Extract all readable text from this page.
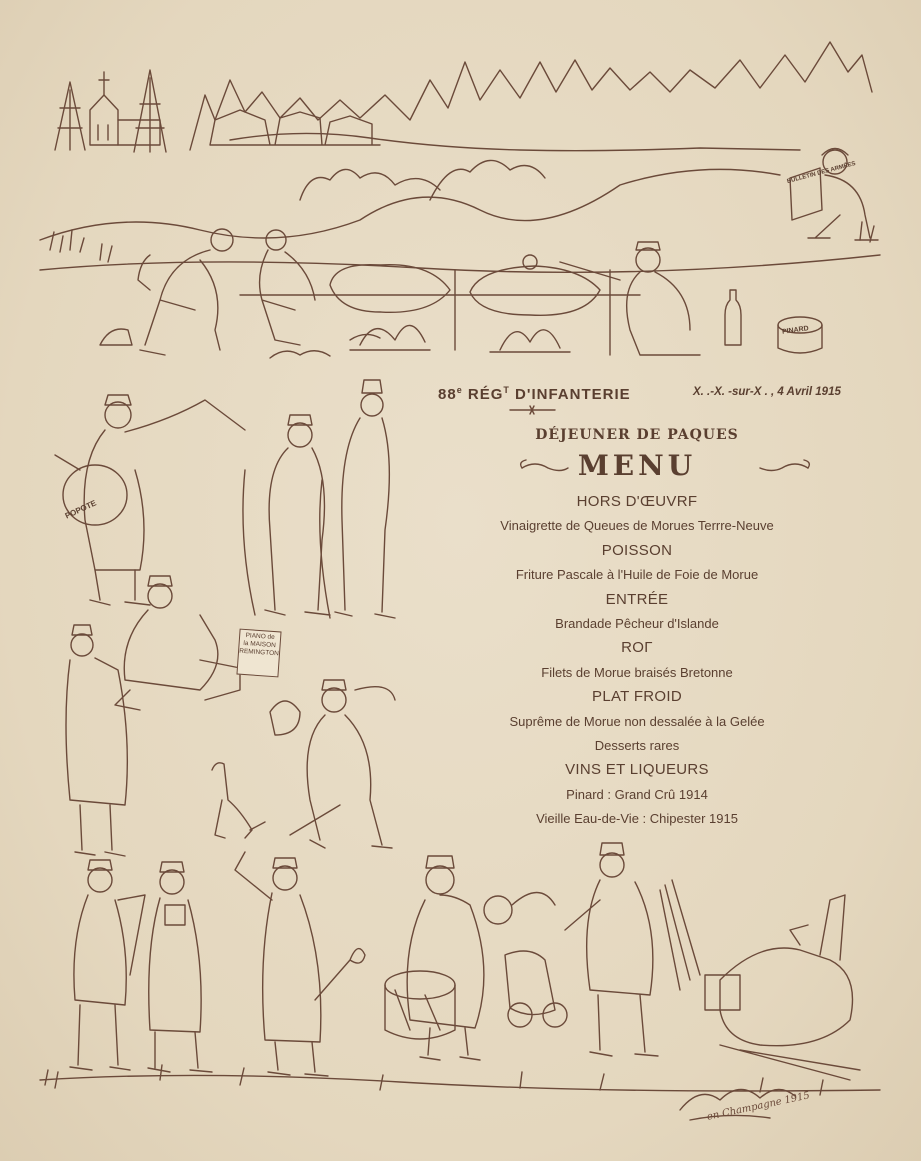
PIANO de
la MAISON
REMINGTON
POPOTE
BULLETIN DES ARMÉES
PINARD
88e $RÉG^T$ D'INFANTERIE	X. .-X. -sur-X . , 4 Avril 1915
DÉJEUNER DE PAQUES
MENU
HORS D'ŒUVRF
Vinaigrette de Queues de Morues Terrre-Neuve
POISSON
Friture Pascale à l'Huile de Foie de Morue
ENTRÉE
Brandade Pêcheur d'Islande
ROΓ
Filets de Morue braisés Bretonne
PLAT FROID
Suprême de Morue non dessalée à la Gelée
Desserts rares
VINS ET LIQUEURS
Pinard : Grand Crû 1914
Vieille Eau-de-Vie : Chipester 1915
en Champagne 1915
